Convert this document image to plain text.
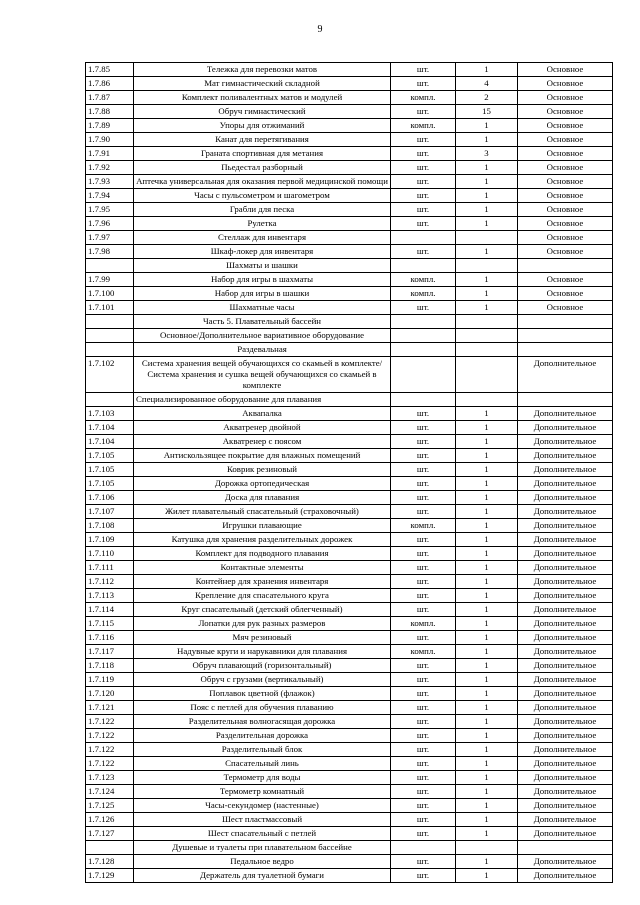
9
1.7.85	Тележка для перевозки матов	шт.	1	Основное
1.7.86	Мат гимнастический складной	шт.	4	Основное
1.7.87	Комплект поливалентных матов и модулей	компл.	2	Основное
1.7.88	Обруч гимнастический	шт.	15	Основное
1.7.89	Упоры для отжиманий	компл.	1	Основное
1.7.90	Канат для перетягивания	шт.	1	Основное
1.7.91	Граната спортивная для метания	шт.	3	Основное
1.7.92	Пьедестал разборный	шт.	1	Основное
1.7.93	Аптечка универсальная для оказания первой медицинской помощи	шт.	1	Основное
1.7.94	Часы с пульсометром и шагометром	шт.	1	Основное
1.7.95	Грабли для песка	шт.	1	Основное
1.7.96	Рулетка	шт.	1	Основное
1.7.97	Стеллаж для инвентаря			Основное
1.7.98	Шкаф-локер для инвентаря	шт.	1	Основное
	Шахматы и шашки			
1.7.99	Набор для игры в шахматы	компл.	1	Основное
1.7.100	Набор для игры в шашки	компл.	1	Основное
1.7.101	Шахматные часы	шт.	1	Основное
	Часть 5. Плавательный бассейн			
	Основное/Дополнительное вариативное оборудование			
	Раздевальная			
1.7.102	Система хранения вещей обучающихся со скамьей в комплекте/Система хранения и сушка вещей обучающихся со скамьей в комплекте			Дополнительное
	Специализированное оборудование для плавания			
1.7.103	Аквапалка	шт.	1	Дополнительное
1.7.104	Акватренер двойной	шт.	1	Дополнительное
1.7.104	Акватренер с поясом	шт.	1	Дополнительное
1.7.105	Антискользящее покрытие для влажных помещений	шт.	1	Дополнительное
1.7.105	Коврик резиновый	шт.	1	Дополнительное
1.7.105	Дорожка ортопедическая	шт.	1	Дополнительное
1.7.106	Доска для плавания	шт.	1	Дополнительное
1.7.107	Жилет плавательный спасательный (страховочный)	шт.	1	Дополнительное
1.7.108	Игрушки плавающие	компл.	1	Дополнительное
1.7.109	Катушка для хранения разделительных дорожек	шт.	1	Дополнительное
1.7.110	Комплект для подводного плавания	шт.	1	Дополнительное
1.7.111	Контактные элементы	шт.	1	Дополнительное
1.7.112	Контейнер для хранения инвентаря	шт.	1	Дополнительное
1.7.113	Крепление для спасательного круга	шт.	1	Дополнительное
1.7.114	Круг спасательный (детский облегченный)	шт.	1	Дополнительное
1.7.115	Лопатки для рук разных размеров	компл.	1	Дополнительное
1.7.116	Мяч резиновый	шт.	1	Дополнительное
1.7.117	Надувные круги и нарукавники для плавания	компл.	1	Дополнительное
1.7.118	Обруч плавающий (горизонтальный)	шт.	1	Дополнительное
1.7.119	Обруч с грузами (вертикальный)	шт.	1	Дополнительное
1.7.120	Поплавок цветной (флажок)	шт.	1	Дополнительное
1.7.121	Пояс с петлей для обучения плаванию	шт.	1	Дополнительное
1.7.122	Разделительная волногасящая дорожка	шт.	1	Дополнительное
1.7.122	Разделительная дорожка	шт.	1	Дополнительное
1.7.122	Разделительный блок	шт.	1	Дополнительное
1.7.122	Спасательный линь	шт.	1	Дополнительное
1.7.123	Термометр для воды	шт.	1	Дополнительное
1.7.124	Термометр комнатный	шт.	1	Дополнительное
1.7.125	Часы-секундомер (настенные)	шт.	1	Дополнительное
1.7.126	Шест пластмассовый	шт.	1	Дополнительное
1.7.127	Шест спасательный с петлей	шт.	1	Дополнительное
	Душевые и туалеты при плавательном бассейне			
1.7.128	Педальное ведро	шт.	1	Дополнительное
1.7.129	Держатель для туалетной бумаги	шт.	1	Дополнительное
